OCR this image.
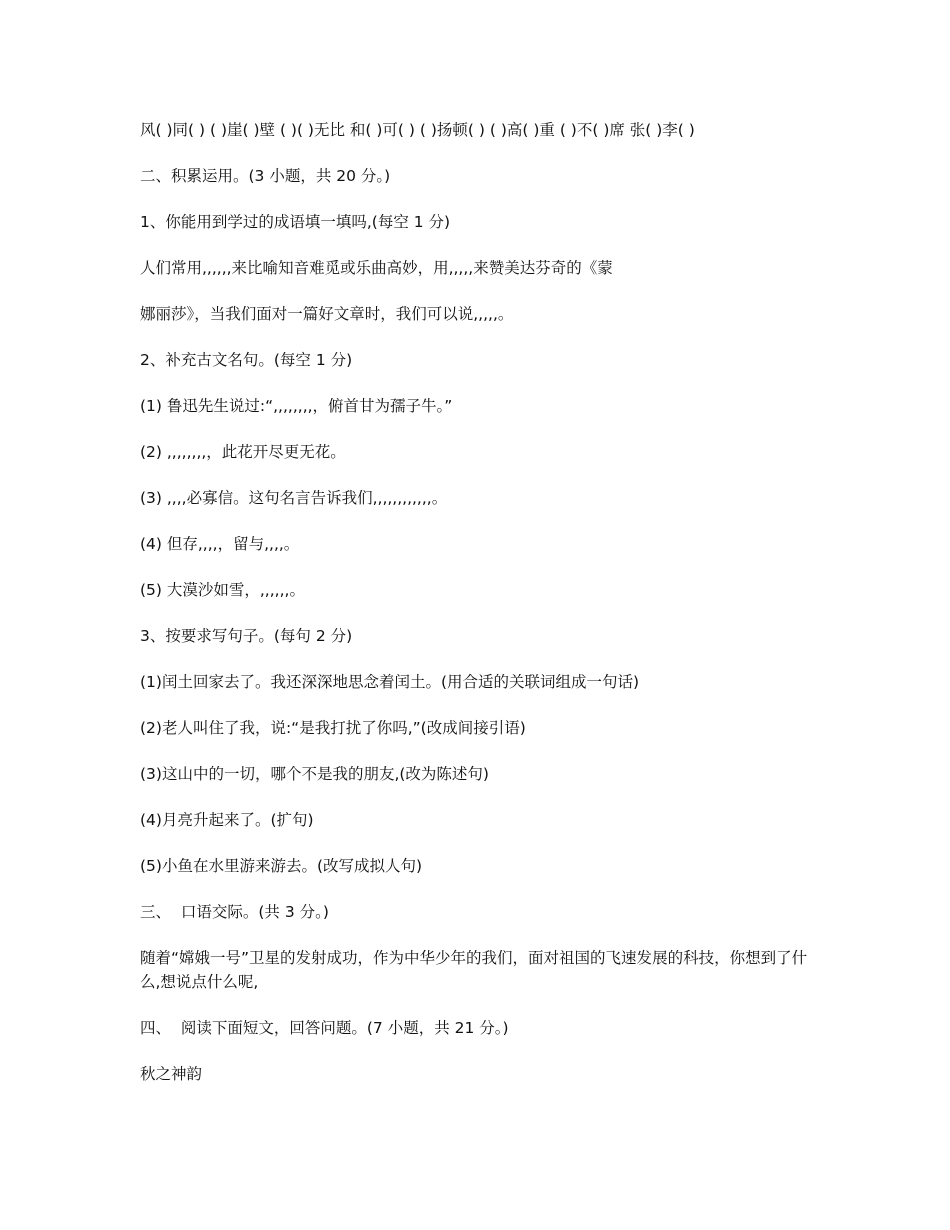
风( )同( ) ( )崖( )壁 ( )( )无比 和( )可( ) ( )扬顿( ) ( )高( )重 ( )不( )席 张( )李( )

二、积累运用。(3 小题，共 20 分。)

1、你能用到学过的成语填一填吗,(每空 1 分)

人们常用,,,,,,来比喻知音难觅或乐曲高妙，用,,,,,来赞美达芬奇的《蒙

娜丽莎》，当我们面对一篇好文章时，我们可以说,,,,,。

2、补充古文名句。(每空 1 分)

(1) 鲁迅先生说过:“,,,,,,,,，俯首甘为孺子牛。”

(2) ,,,,,,,,，此花开尽更无花。

(3) ,,,,必寡信。这句名言告诉我们,,,,,,,,,,,,。

(4) 但存,,,,，留与,,,,。

(5) 大漠沙如雪，,,,,,,。

3、按要求写句子。(每句 2 分)

(1)闰土回家去了。我还深深地思念着闰土。(用合适的关联词组成一句话)

(2)老人叫住了我，说:“是我打扰了你吗,”(改成间接引语)

(3)这山中的一切，哪个不是我的朋友,(改为陈述句)

(4)月亮升起来了。(扩句)

(5)小鱼在水里游来游去。(改写成拟人句)

三、  口语交际。(共 3 分。)

随着“嫦娥一号”卫星的发射成功，作为中华少年的我们，面对祖国的飞速发展的科技，你想到了什么,想说点什么呢,

四、  阅读下面短文，回答问题。(7 小题，共 21 分。)

秋之神韵
